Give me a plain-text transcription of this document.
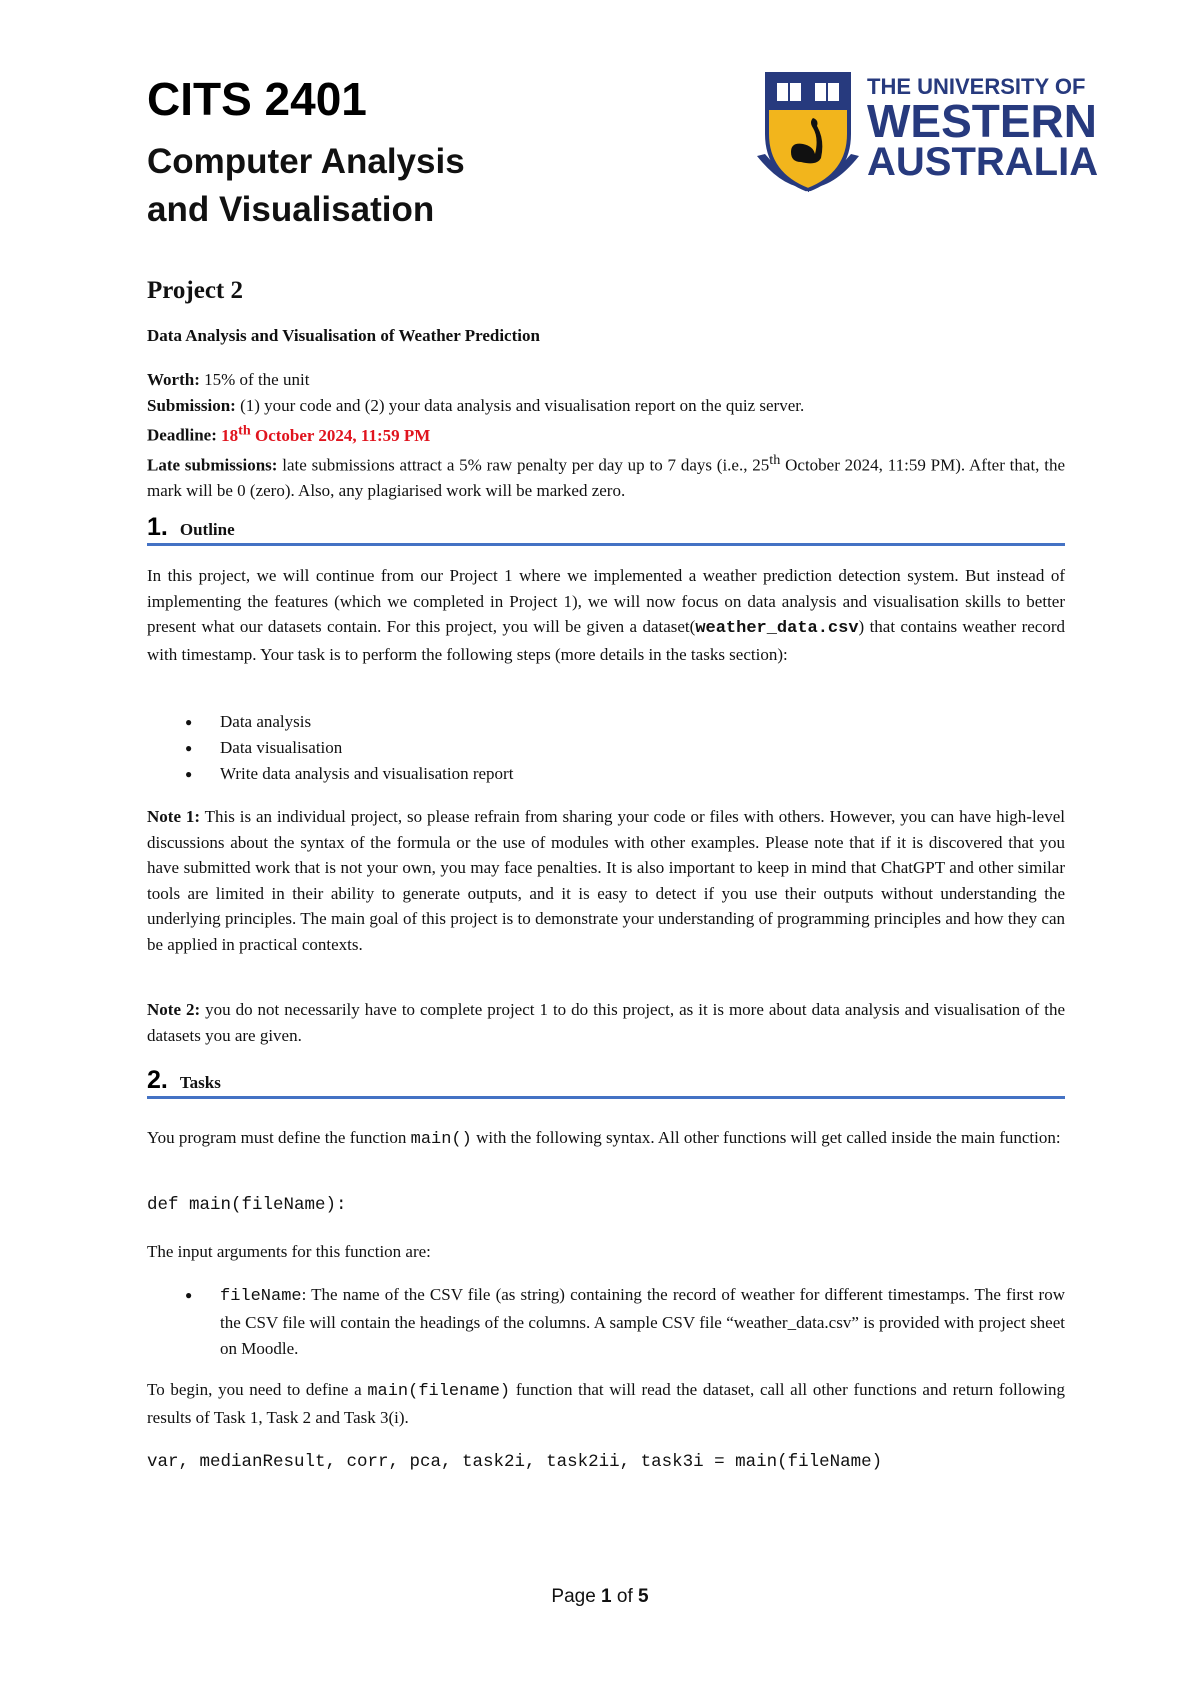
CITS 2401
Computer Analysis
and Visualisation	SEEK WISDOM
THE UNIVERSITY OF
WESTERN
AUSTRALIA
Project 2

Data Analysis and Visualisation of Weather Prediction

Worth: 15% of the unit

Submission: (1) your code and (2) your data analysis and visualisation report on the quiz server.

Deadline: 18th October 2024, 11:59 PM

Late submissions: late submissions attract a 5% raw penalty per day up to 7 days (i.e., 25th October 2024, 11:59 PM). After that, the mark will be 0 (zero). Also, any plagiarised work will be marked zero.

1. Outline

In this project, we will continue from our Project 1 where we implemented a weather prediction detection system. But instead of implementing the features (which we completed in Project 1), we will now focus on data analysis and visualisation skills to better present what our datasets contain. For this project, you will be given a dataset(weather_data.csv) that contains weather record with timestamp. Your task is to perform the following steps (more details in the tasks section):

● Data analysis
● Data visualisation
● Write data analysis and visualisation report

Note 1: This is an individual project, so please refrain from sharing your code or files with others. However, you can have high-level discussions about the syntax of the formula or the use of modules with other examples. Please note that if it is discovered that you have submitted work that is not your own, you may face penalties. It is also important to keep in mind that ChatGPT and other similar tools are limited in their ability to generate outputs, and it is easy to detect if you use their outputs without understanding the underlying principles. The main goal of this project is to demonstrate your understanding of programming principles and how they can be applied in practical contexts.

Note 2: you do not necessarily have to complete project 1 to do this project, as it is more about data analysis and visualisation of the datasets you are given.

2. Tasks

You program must define the function main() with the following syntax. All other functions will get called inside the main function:

def main(fileName):

The input arguments for this function are:

● fileName: The name of the CSV file (as string) containing the record of weather for different timestamps. The first row the CSV file will contain the headings of the columns. A sample CSV file “weather_data.csv” is provided with project sheet on Moodle.

To begin, you need to define a main(filename) function that will read the dataset, call all other functions and return following results of Task 1, Task 2 and Task 3(i).

var, medianResult, corr, pca, task2i, task2ii, task3i = main(fileName)

Page 1 of 5
